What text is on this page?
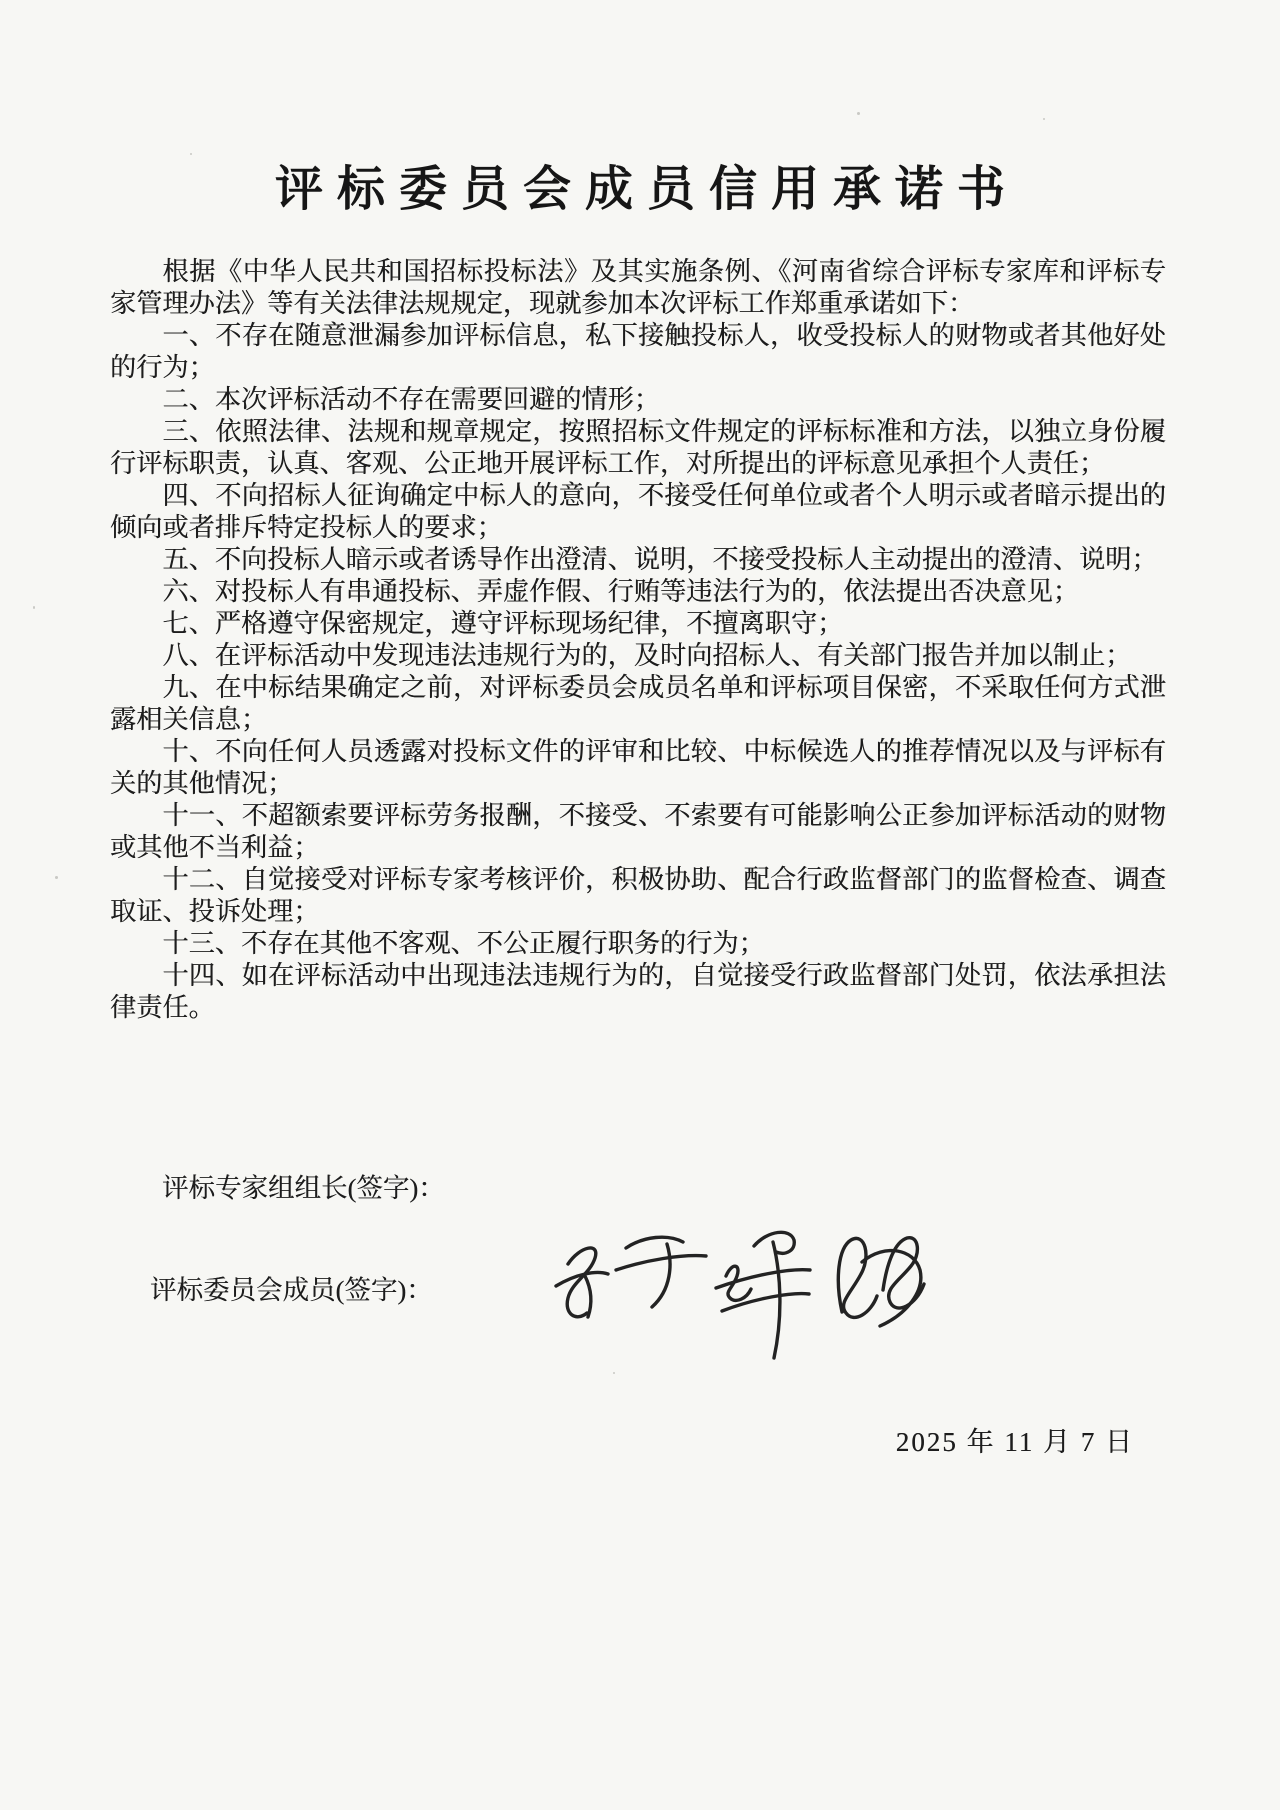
评标委员会成员信用承诺书

根据《中华人民共和国招标投标法》及其实施条例、《河南省综合评标专家库和评标专家管理办法》等有关法律法规规定，现就参加本次评标工作郑重承诺如下：

一、不存在随意泄漏参加评标信息，私下接触投标人，收受投标人的财物或者其他好处的行为；

二、本次评标活动不存在需要回避的情形；

三、依照法律、法规和规章规定，按照招标文件规定的评标标准和方法，以独立身份履行评标职责，认真、客观、公正地开展评标工作，对所提出的评标意见承担个人责任；

四、不向招标人征询确定中标人的意向，不接受任何单位或者个人明示或者暗示提出的倾向或者排斥特定投标人的要求；

五、不向投标人暗示或者诱导作出澄清、说明，不接受投标人主动提出的澄清、说明；

六、对投标人有串通投标、弄虚作假、行贿等违法行为的，依法提出否决意见；

七、严格遵守保密规定，遵守评标现场纪律，不擅离职守；

八、在评标活动中发现违法违规行为的，及时向招标人、有关部门报告并加以制止；

九、在中标结果确定之前，对评标委员会成员名单和评标项目保密，不采取任何方式泄露相关信息；

十、不向任何人员透露对投标文件的评审和比较、中标候选人的推荐情况以及与评标有关的其他情况；

十一、不超额索要评标劳务报酬，不接受、不索要有可能影响公正参加评标活动的财物或其他不当利益；

十二、自觉接受对评标专家考核评价，积极协助、配合行政监督部门的监督检查、调查取证、投诉处理；

十三、不存在其他不客观、不公正履行职务的行为；

十四、如在评标活动中出现违法违规行为的，自觉接受行政监督部门处罚，依法承担法律责任。

评标专家组组长(签字)：
评标委员会成员(签字)：
2025 年 11 月 7 日
